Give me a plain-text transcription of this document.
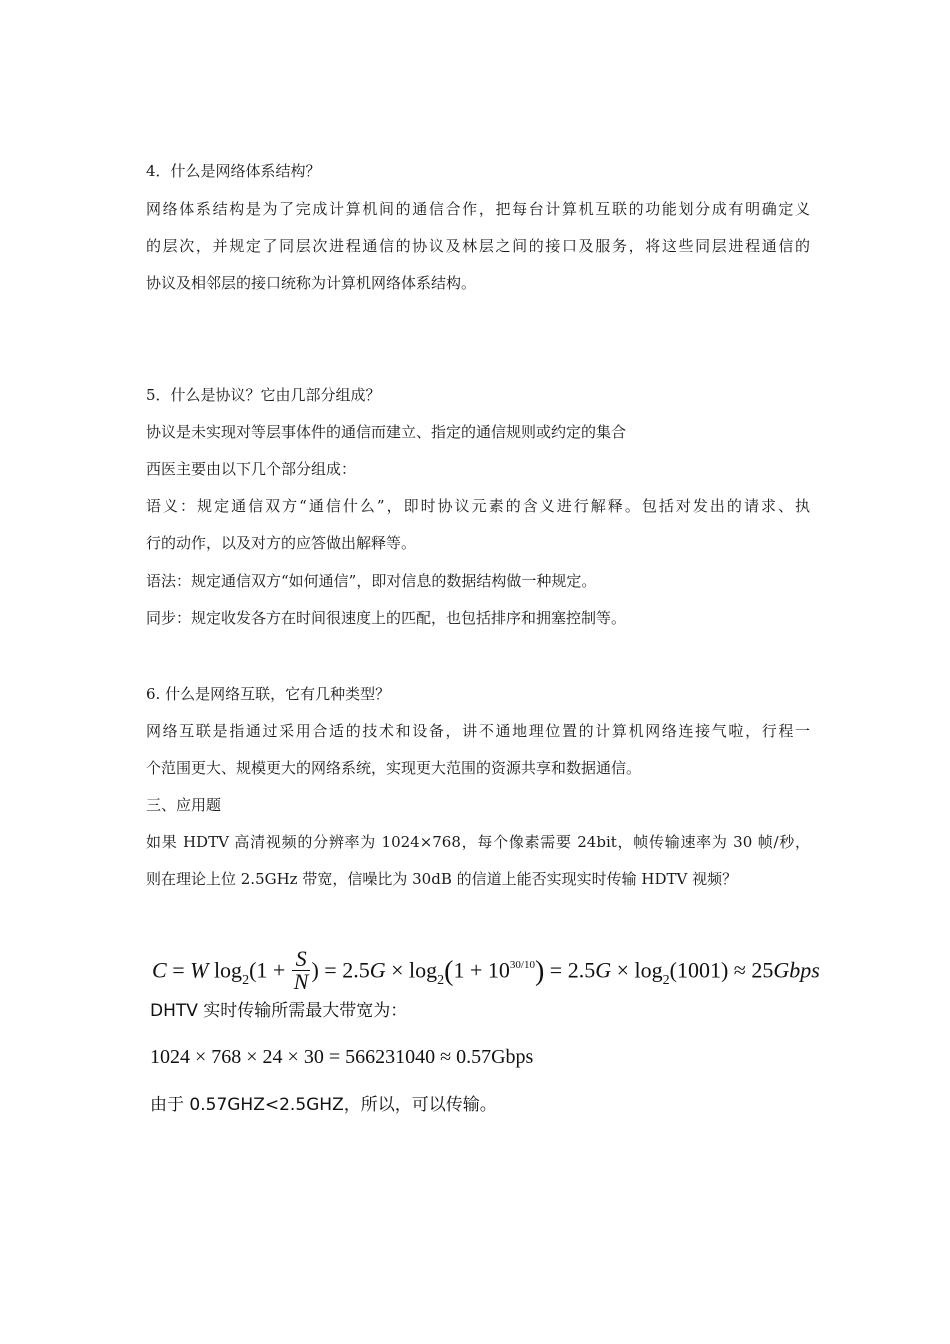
4．什么是网络体系结构？
网络体系结构是为了完成计算机间的通信合作，把每台计算机互联的功能划分成有明确定义
的层次，并规定了同层次进程通信的协议及林层之间的接口及服务，将这些同层进程通信的
协议及相邻层的接口统称为计算机网络体系结构。
5．什么是协议？它由几部分组成？
协议是未实现对等层事体件的通信而建立、指定的通信规则或约定的集合
西医主要由以下几个部分组成：
语义：规定通信双方“通信什么”，即时协议元素的含义进行解释。包括对发出的请求、执
行的动作，以及对方的应答做出解释等。
语法：规定通信双方“如何通信”，即对信息的数据结构做一种规定。
同步：规定收发各方在时间很速度上的匹配，也包括排序和拥塞控制等。
6. 什么是网络互联，它有几种类型？
网络互联是指通过采用合适的技术和设备，讲不通地理位置的计算机网络连接气啦，行程一
个范围更大、规模更大的网络系统，实现更大范围的资源共享和数据通信。
三、应用题
如果 HDTV 高清视频的分辨率为 1024×768，每个像素需要 24bit，帧传输速率为 30 帧/秒，
则在理论上位 2.5GHz 带宽，信噪比为 30dB 的信道上能否实现实时传输 HDTV 视频？
C = W $\log_2(1 + \frac{S}{N}$ ) = $2.5G \times \log_2(1 + 10^{30/10}) = 2.5G \times \log_2(1001)$ ≈ 25Gbps
DHTV 实时传输所需最大带宽为：
1024 × 768 × 24 × 30 = 566231040 ≈ 0.57Gbps
由于 0.57GHZ<2.5GHZ，所以，可以传输。
